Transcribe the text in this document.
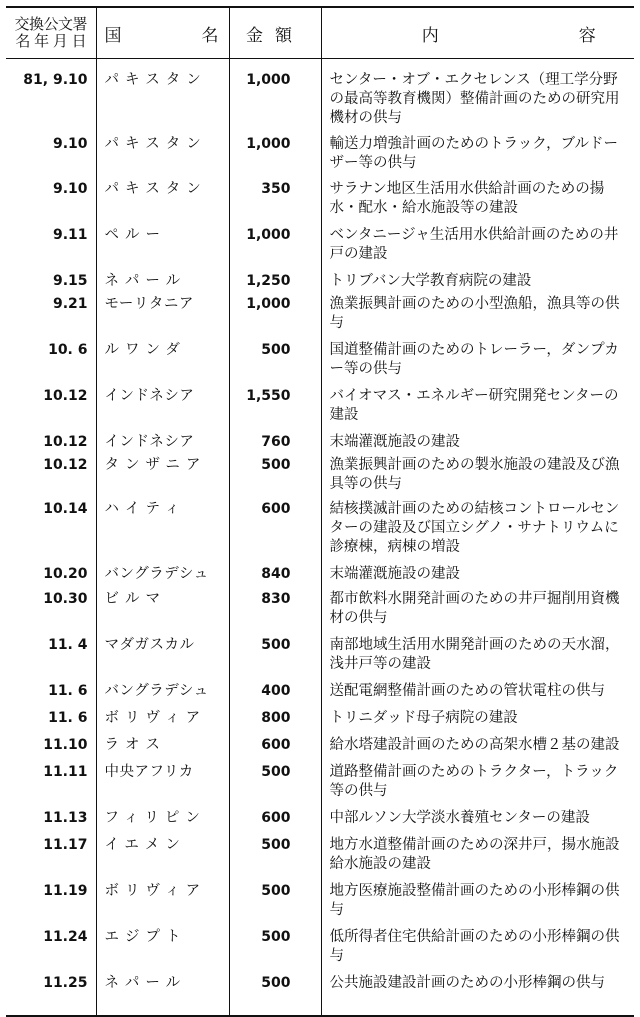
交換公文署
名 年 月 日	国 名	金額	内 容
81, 9.10	パキスタン	1,000	センター・オブ・エクセレンス（理工学分野の最高等教育機関）整備計画のための研究用機材の供与
9.10	パキスタン	1,000	輸送力増強計画のためのトラック，ブルドーザー等の供与
9.10	パキスタン	350	サラナン地区生活用水供給計画のための揚水・配水・給水施設等の建設
9.11	ペルー	1,000	ベンタニージャ生活用水供給計画のための井戸の建設
9.15	ネパール	1,250	トリブバン大学教育病院の建設
9.21	モーリタニア	1,000	漁業振興計画のための小型漁船，漁具等の供与
10. 6	ルワンダ	500	国道整備計画のためのトレーラー，ダンプカー等の供与
10.12	インドネシア	1,550	バイオマス・エネルギー研究開発センターの建設
10.12	インドネシア	760	末端灌漑施設の建設
10.12	タンザニア	500	漁業振興計画のための製氷施設の建設及び漁具等の供与
10.14	ハイティ	600	結核撲滅計画のための結核コントロールセンターの建設及び国立シグノ・サナトリウムに診療棟，病棟の増設
10.20	バングラデシュ	840	末端灌漑施設の建設
10.30	ビルマ	830	都市飲料水開発計画のための井戸掘削用資機材の供与
11. 4	マダガスカル	500	南部地域生活用水開発計画のための天水溜，浅井戸等の建設
11. 6	バングラデシュ	400	送配電網整備計画のための管状電柱の供与
11. 6	ボリヴィア	800	トリニダッド母子病院の建設
11.10	ラオス	600	給水塔建設計画のための高架水槽２基の建設
11.11	中央アフリカ	500	道路整備計画のためのトラクター，トラック等の供与
11.13	フィリピン	600	中部ルソン大学淡水養殖センターの建設
11.17	イエメン	500	地方水道整備計画のための深井戸，揚水施設給水施設の建設
11.19	ボリヴィア	500	地方医療施設整備計画のための小形棒鋼の供与
11.24	エジプト	500	低所得者住宅供給計画のための小形棒鋼の供与
11.25	ネパール	500	公共施設建設計画のための小形棒鋼の供与
